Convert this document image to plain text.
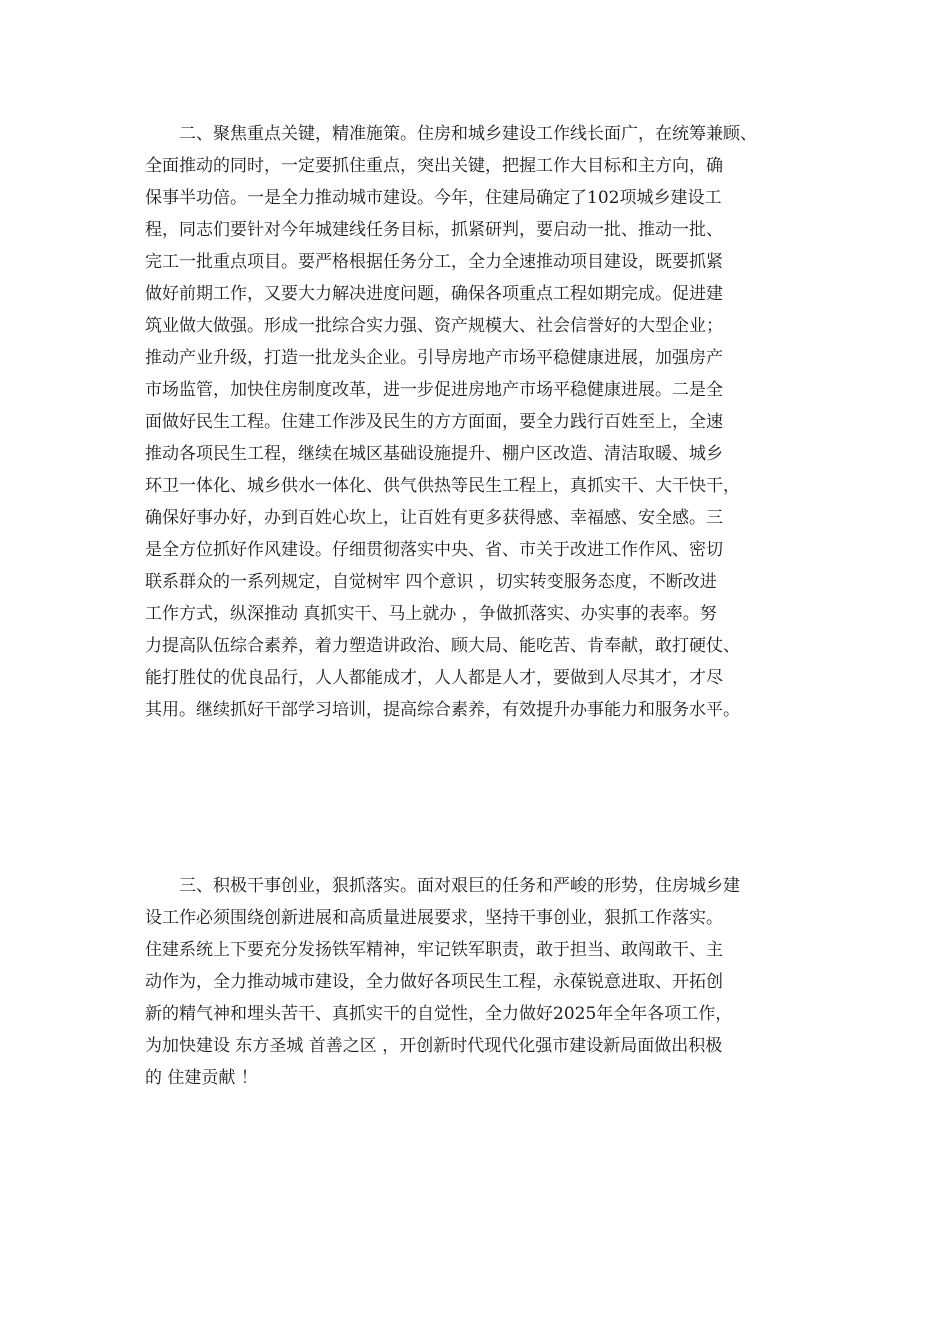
　　二、聚焦重点关键，精准施策。住房和城乡建设工作线长面广，在统筹兼顾、
全面推动的同时，一定要抓住重点，突出关键，把握工作大目标和主方向，确
保事半功倍。一是全力推动城市建设。今年，住建局确定了102项城乡建设工
程，同志们要针对今年城建线任务目标，抓紧研判，要启动一批、推动一批、
完工一批重点项目。要严格根据任务分工，全力全速推动项目建设，既要抓紧
做好前期工作，又要大力解决进度问题，确保各项重点工程如期完成。促进建
筑业做大做强。形成一批综合实力强、资产规模大、社会信誉好的大型企业；
推动产业升级，打造一批龙头企业。引导房地产市场平稳健康进展，加强房产
市场监管，加快住房制度改革，进一步促进房地产市场平稳健康进展。二是全
面做好民生工程。住建工作涉及民生的方方面面，要全力践行百姓至上，全速
推动各项民生工程，继续在城区基础设施提升、棚户区改造、清洁取暖、城乡
环卫一体化、城乡供水一体化、供气供热等民生工程上，真抓实干、大干快干，
确保好事办好，办到百姓心坎上，让百姓有更多获得感、幸福感、安全感。三
是全方位抓好作风建设。仔细贯彻落实中央、省、市关于改进工作作风、密切
联系群众的一系列规定，自觉树牢 四个意识 ，切实转变服务态度，不断改进
工作方式，纵深推动 真抓实干、马上就办 ，争做抓落实、办实事的表率。努
力提高队伍综合素养，着力塑造讲政治、顾大局、能吃苦、肯奉献，敢打硬仗、
能打胜仗的优良品行，人人都能成才，人人都是人才，要做到人尽其才，才尽
其用。继续抓好干部学习培训，提高综合素养，有效提升办事能力和服务水平。
　　三、积极干事创业，狠抓落实。面对艰巨的任务和严峻的形势，住房城乡建
设工作必须围绕创新进展和高质量进展要求，坚持干事创业，狠抓工作落实。
住建系统上下要充分发扬铁军精神，牢记铁军职责，敢于担当、敢闯敢干、主
动作为，全力推动城市建设，全力做好各项民生工程，永葆锐意进取、开拓创
新的精气神和埋头苦干、真抓实干的自觉性，全力做好2025年全年各项工作，
为加快建设 东方圣城 首善之区 ，开创新时代现代化强市建设新局面做出积极
的 住建贡献 ！
